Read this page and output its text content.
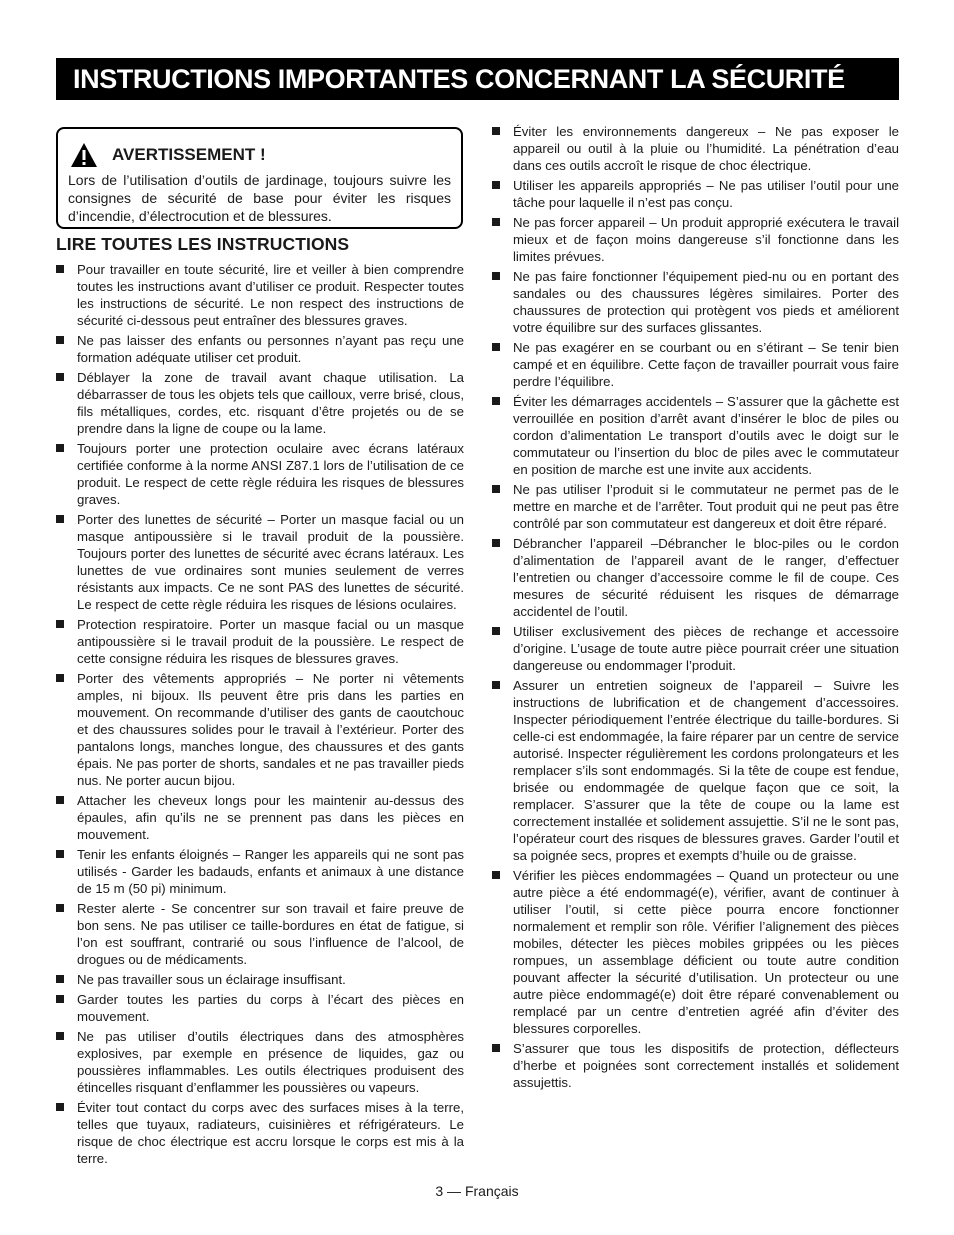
INSTRUCTIONS IMPORTANTES CONCERNANT LA SÉCURITÉ
AVERTISSEMENT !
Lors de l’utilisation d’outils de jardinage, toujours suivre les consignes de sécurité de base pour éviter les risques d’incendie, d’électrocution et de blessures.
LIRE TOUTES LES INSTRUCTIONS
Pour travailler en toute sécurité, lire et veiller à bien comprendre toutes les instructions avant d’utiliser ce produit. Respecter toutes les instructions de sécurité. Le non respect des instructions de sécurité ci-dessous peut entraîner des blessures graves.
Ne pas laisser des enfants ou personnes n’ayant pas reçu une formation adéquate utiliser cet produit.
Déblayer la zone de travail avant chaque utilisation. La débarrasser de tous les objets tels que cailloux, verre brisé, clous, fils métalliques, cordes, etc. risquant d’être projetés ou de se prendre dans la ligne de coupe ou la lame.
Toujours porter une protection oculaire avec écrans latéraux certifiée conforme à la norme ANSI Z87.1 lors de l’utilisation de ce produit. Le respect de cette règle réduira les risques de blessures graves.
Porter des lunettes de sécurité – Porter un masque facial ou un masque antipoussière si le travail produit de la poussière. Toujours porter des lunettes de sécurité avec écrans latéraux. Les lunettes de vue ordinaires sont munies seulement de verres résistants aux impacts. Ce ne sont PAS des lunettes de sécurité. Le respect de cette règle réduira les risques de lésions oculaires.
Protection respiratoire. Porter un masque facial ou un masque antipoussière si le travail produit de la poussière. Le respect de cette consigne réduira les risques de blessures graves.
Porter des vêtements appropriés – Ne porter ni vêtements amples, ni bijoux. Ils peuvent être pris dans les parties en mouvement. On recommande d’utiliser des gants de caoutchouc et des chaussures solides pour le travail à l’extérieur. Porter des pantalons longs, manches longue, des chaussures et des gants épais. Ne pas porter de shorts, sandales et ne pas travailler pieds nus. Ne porter aucun bijou.
Attacher les cheveux longs pour les maintenir au-dessus des épaules, afin qu’ils ne se prennent pas dans les pièces en mouvement.
Tenir les enfants éloignés – Ranger les appareils qui ne sont pas utilisés - Garder les badauds, enfants et animaux à une distance de 15 m (50 pi) minimum.
Rester alerte - Se concentrer sur son travail et faire preuve de bon sens. Ne pas utiliser ce taille-bordures en état de fatigue, si l’on est souffrant, contrarié ou sous l’influence de l’alcool, de drogues ou de médicaments.
Ne pas travailler sous un éclairage insuffisant.
Garder toutes les parties du corps à l’écart des pièces en mouvement.
Ne pas utiliser d’outils électriques dans des atmosphères explosives, par exemple en présence de liquides, gaz ou poussières inflammables. Les outils électriques produisent des étincelles risquant d’enflammer les poussières ou vapeurs.
Éviter tout contact du corps avec des surfaces mises à la terre, telles que tuyaux, radiateurs, cuisinières et réfrigérateurs. Le risque de choc électrique est accru lorsque le corps est mis à la terre.
Éviter les environnements dangereux – Ne pas exposer le appareil ou outil à la pluie ou l’humidité. La pénétration d’eau dans ces outils accroît le risque de choc électrique.
Utiliser les appareils appropriés – Ne pas utiliser l’outil pour une tâche pour laquelle il n’est pas conçu.
Ne pas forcer appareil – Un produit approprié exécutera le travail mieux et de façon moins dangereuse s’il fonctionne dans les limites prévues.
Ne pas faire fonctionner l’équipement pied-nu ou en portant des sandales ou des chaussures légères similaires. Porter des chaussures de protection qui protègent vos pieds et améliorent votre équilibre sur des surfaces glissantes.
Ne pas exagérer en se courbant ou en s’étirant – Se tenir bien campé et en équilibre. Cette façon de travailler pourrait vous faire perdre l’équilibre.
Éviter les démarrages accidentels – S’assurer que la gâchette est verrouillée en position d’arrêt avant d’insérer le bloc de piles ou cordon d’alimentation Le transport d’outils avec le doigt sur le commutateur ou l’insertion du bloc de piles avec le commutateur en position de marche est une invite aux accidents.
Ne pas utiliser l’produit si le commutateur ne permet pas de le mettre en marche et de l’arrêter. Tout produit qui ne peut pas être contrôlé par son commutateur est dangereux et doit être réparé.
Débrancher l’appareil –Débrancher le bloc-piles ou le cordon d’alimentation de l’appareil avant de le ranger, d’effectuer l’entretien ou changer d’accessoire comme le fil de coupe. Ces mesures de sécurité réduisent les risques de démarrage accidentel de l’outil.
Utiliser exclusivement des pièces de rechange et accessoire d’origine. L’usage de toute autre pièce pourrait créer une situation dangereuse ou endommager l’produit.
Assurer un entretien soigneux de l’appareil – Suivre les instructions de lubrification et de changement d’accessoires. Inspecter périodiquement l’entrée électrique du taille-bordures. Si celle-ci est endommagée, la faire réparer par un centre de service autorisé. Inspecter régulièrement les cordons prolongateurs et les remplacer s’ils sont endommagés. Si la tête de coupe est fendue, brisée ou endommagée de quelque façon que ce soit, la remplacer. S’assurer que la tête de coupe ou la lame est correctement installée et solidement assujettie. S’il ne le sont pas, l’opérateur court des risques de blessures graves. Garder l’outil et sa poignée secs, propres et exempts d’huile ou de graisse.
Vérifier les pièces endommagées – Quand un protecteur ou une autre pièce a été endommagé(e), vérifier, avant de continuer à utiliser l’outil, si cette pièce pourra encore fonctionner normalement et remplir son rôle. Vérifier l’alignement des pièces mobiles, détecter les pièces mobiles grippées ou les pièces rompues, un assemblage déficient ou toute autre condition pouvant affecter la sécurité d’utilisation. Un protecteur ou une autre pièce endommagé(e) doit être réparé convenablement ou remplacé par un centre d’entretien agréé afin d’éviter des blessures corporelles.
S’assurer que tous les dispositifs de protection, déflecteurs d’herbe et poignées sont correctement installés et solidement assujettis.
3 — Français
